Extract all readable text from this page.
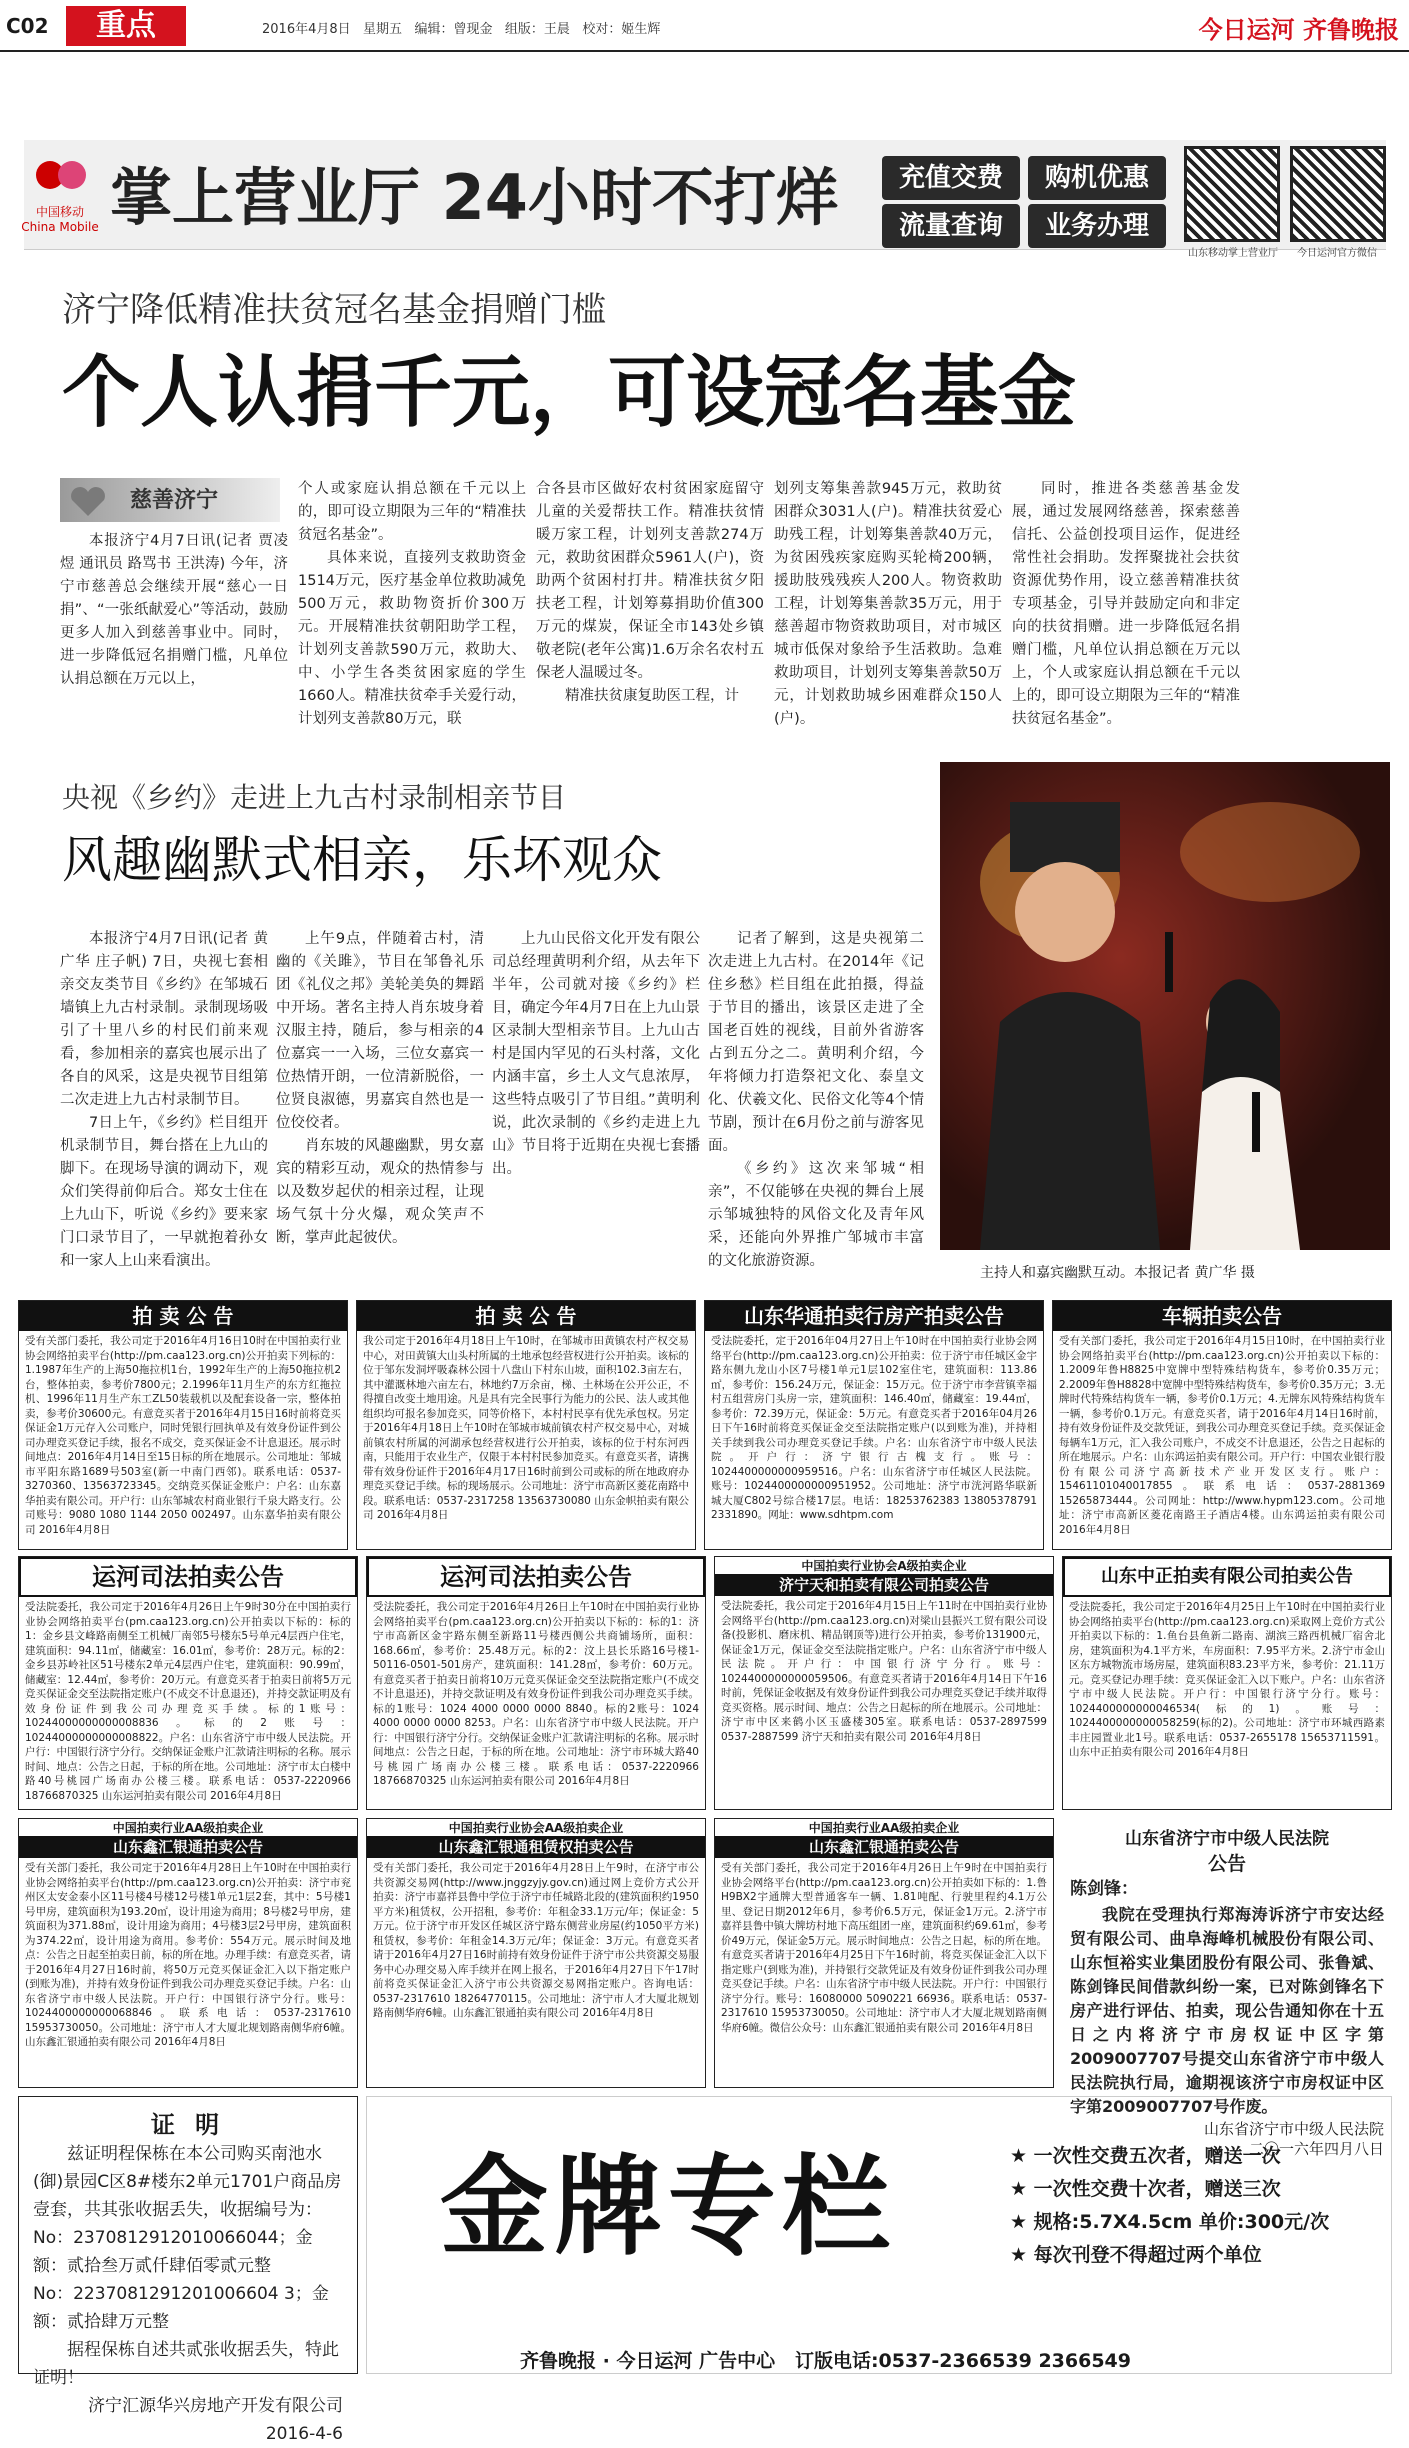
C02	重点	2016年4月8日 星期五 编辑：曾现金 组版：王晨 校对：姬生辉	今日运河 齐鲁晚报
中国移动 China Mobile 掌上营业厅 24小时不打烊	充值交费	购机优惠
流量查询	业务办理
山东移动掌上营业厅	今日运河官方微信
济宁降低精准扶贫冠名基金捐赠门槛
个人认捐千元，可设冠名基金
慈善济宁

本报济宁4月7日讯(记者 贾凌煜 通讯员 路骂书 王洪涛) 今年，济宁市慈善总会继续开展“慈心一日捐”、“一张纸献爱心”等活动，鼓励更多人加入到慈善事业中。同时，进一步降低冠名捐赠门槛，凡单位认捐总额在万元以上，

个人或家庭认捐总额在千元以上的，即可设立期限为三年的“精准扶贫冠名基金”。

具体来说，直接列支救助资金1514万元，医疗基金单位救助减免500万元，救助物资折价300万元。开展精准扶贫朝阳助学工程，计划列支善款590万元，救助大、中、小学生各类贫困家庭的学生1660人。精准扶贫牵手关爱行动，计划列支善款80万元，联

合各县市区做好农村贫困家庭留守儿童的关爱帮扶工作。精准扶贫情暖万家工程，计划列支善款274万元，救助贫困群众5961人(户)，资助两个贫困村打井。精准扶贫夕阳扶老工程，计划筹募捐助价值300万元的煤炭，保证全市143处乡镇敬老院(老年公寓)1.6万余名农村五保老人温暖过冬。

精准扶贫康复助医工程，计

划列支筹集善款945万元，救助贫困群众3031人(户)。精准扶贫爱心助残工程，计划筹集善款40万元，为贫困残疾家庭购买轮椅200辆，援助肢残残疾人200人。物资救助工程，计划筹集善款35万元，用于慈善超市物资救助项目，对市城区城市低保对象给予生活救助。急难救助项目，计划列支筹集善款50万元，计划救助城乡困难群众150人(户)。

同时，推进各类慈善基金发展，通过发展网络慈善，探索慈善信托、公益创投项目运作，促进经常性社会捐助。发挥聚拢社会扶贫资源优势作用，设立慈善精准扶贫专项基金，引导并鼓励定向和非定向的扶贫捐赠。进一步降低冠名捐赠门槛，凡单位认捐总额在万元以上，个人或家庭认捐总额在千元以上的，即可设立期限为三年的“精准扶贫冠名基金”。

央视《乡约》走进上九古村录制相亲节目
风趣幽默式相亲，乐坏观众

本报济宁4月7日讯(记者 黄广华 庄子帆) 7日，央视七套相亲交友类节目《乡约》在邹城石墙镇上九古村录制。录制现场吸引了十里八乡的村民们前来观看，参加相亲的嘉宾也展示出了各自的风采，这是央视节目组第二次走进上九古村录制节目。

7日上午，《乡约》栏目组开机录制节目，舞台搭在上九山的脚下。在现场导演的调动下，观众们笑得前仰后合。郑女士住在上九山下，听说《乡约》要来家门口录节目了，一早就抱着孙女和一家人上山来看演出。

上午9点，伴随着古村，清幽的《关雎》，节目在邹鲁礼乐团《礼仪之邦》美轮美奂的舞蹈中开场。著名主持人肖东坡身着汉服主持，随后，参与相亲的4位嘉宾一一入场，三位女嘉宾一位热情开朗，一位清新脱俗，一位贤良淑德，男嘉宾自然也是一位佼佼者。

肖东坡的风趣幽默，男女嘉宾的精彩互动，观众的热情参与以及数岁起伏的相亲过程，让现场气氛十分火爆，观众笑声不断，掌声此起彼伏。

上九山民俗文化开发有限公司总经理黄明利介绍，从去年下半年，公司就对接《乡约》栏目，确定今年4月7日在上九山景区录制大型相亲节目。上九山古村是国内罕见的石头村落，文化内涵丰富，乡土人文气息浓厚，这些特点吸引了节目组。”黄明利说，此次录制的《乡约走进上九山》节目将于近期在央视七套播出。

记者了解到，这是央视第二次走进上九古村。在2014年《记住乡愁》栏目组在此拍摄，得益于节目的播出，该景区走进了全国老百姓的视线，目前外省游客占到五分之二。黄明利介绍，今年将倾力打造祭祀文化、泰皇文化、伏羲文化、民俗文化等4个情节剧，预计在6月份之前与游客见面。

《乡约》这次来邹城“相亲”，不仅能够在央视的舞台上展示邹城独特的风俗文化及青年风采，还能向外界推广邹城市丰富的文化旅游资源。

主持人和嘉宾幽默互动。本报记者 黄广华 摄
拍 卖 公 告
受有关部门委托，我公司定于2016年4月16日10时在中国拍卖行业协会网络拍卖平台(http://pm.caa123.org.cn)公开拍卖下列标的：1.1987年生产的上海50拖拉机1台，1992年生产的上海50拖拉机2台，整体拍卖，参考价7800元；2.1996年11月生产的东方红拖拉机、1996年11月生产东工ZL50装载机以及配套设备一宗，整体拍卖，参考价30600元。有意竞买者于2016年4月15日16时前将竞买保证金1万元存入公司账户，同时凭银行回执单及有效身份证件到公司办理竞买登记手续，报名不成交，竞买保证金不计息退还。展示时间地点：2016年4月14日至15日标的所在地展示。公司地址：邹城市平阳东路1689号503室(新一中南门西邻)。联系电话：0537-3270360、13563723345。交纳竞买保证金账户：户名：山东嘉华拍卖有限公司。开户行：山东邹城农村商业银行千泉大路支行。公司账号：9080 1080 1144 2050 002497。山东嘉华拍卖有限公司 2016年4月8日
拍 卖 公 告
我公司定于2016年4月18日上午10时，在邹城市田黄镇农村产权交易中心，对田黄镇大山头村所属的土地承包经营权进行公开拍卖。该标的位于邹东发洞坪吸森林公园十八盘山下村东山坡，面积102.3亩左右，其中灌溉林地六亩左右，林地约7万余亩，梯、土林场在公开公正，不得擅自改变土地用途。凡是具有完全民事行为能力的公民、法人或其他组织均可报名参加竞买，同等价格下，本村村民享有优先承包权。另定于2016年4月18日上午10时在邹城市城前镇农村产权交易中心，对城前镇农村所属的河湖承包经营权进行公开拍卖，该标的位于村东河西南，只能用于农业生产，仅限于本村村民参加竞买。有意竞买者，请携带有效身份证件于2016年4月17日16时前到公司或标的所在地政府办理竞买登记手续。标的现场展示。公司地址：济宁市高新区菱花南路中段。联系电话：0537-2317258 13563730080 山东金帜拍卖有限公司 2016年4月8日
山东华通拍卖行房产拍卖公告
受法院委托，定于2016年04月27日上午10时在中国拍卖行业协会网络平台(http://pm.caa123.org.cn)公开拍卖：位于济宁市任城区金宇路东侧九龙山小区7号楼1单元1层102室住宅，建筑面积：113.86㎡，参考价：156.24万元，保证金：15万元。位于济宁市李营镇幸福村五组营房门头房一宗，建筑面积：146.40㎡，储藏室：19.44㎡，参考价：72.39万元，保证金：5万元。有意竞买者于2016年04月26日下午16时前将竞买保证金交至法院指定账户(以到账为准)，并持相关手续到我公司办理竞买登记手续。户名：山东省济宁市中级人民法院。开户行：济宁银行古槐支行。账号：1024400000000959516。户名：山东省济宁市任城区人民法院。账号：1024400000000951952。公司地址：济宁市洸河路华联新城大厦C802号综合楼17层。电话：18253762383 13805378791 2331890。网址：www.sdhtpm.com
车辆拍卖公告
受有关部门委托，我公司定于2016年4月15日10时，在中国拍卖行业协会网络拍卖平台(http://pm.caa123.org.cn)公开拍卖以下标的：1.2009年鲁H8825中宽牌中型特殊结构货车，参考价0.35万元；2.2009年鲁H8828中宽牌中型特殊结构货车，参考价0.35万元；3.无牌时代特殊结构货车一辆，参考价0.1万元；4.无牌东风特殊结构货车一辆，参考价0.1万元。有意竞买者，请于2016年4月14日16时前，持有效身份证件及交款凭证，到我公司办理竞买登记手续。竞买保证金每辆车1万元，汇入我公司账户，不成交不计息退还，公告之日起标的所在地展示。户名：山东鸿运拍卖有限公司。开户行：中国农业银行股份有限公司济宁高新技术产业开发区支行。账户：15461101040017855。联系电话：0537-2881369 15265873444。公司网址：http://www.hypm123.com。公司地址：济宁市高新区菱花南路王子酒店4楼。山东鸿运拍卖有限公司 2016年4月8日
运河司法拍卖公告
受法院委托，我公司定于2016年4月26日上午9时30分在中国拍卖行业协会网络拍卖平台(pm.caa123.org.cn)公开拍卖以下标的：标的1：金乡县文峰路南侧至工机械厂南邻5号楼东5号单元4层西户住宅，建筑面积：94.11㎡，储藏室：16.01㎡，参考价：28万元。标的2：金乡县苏岭社区51号楼东2单元4层西户住宅，建筑面积：90.99㎡，储藏室：12.44㎡，参考价：20万元。有意竞买者于拍卖日前将5万元竞买保证金交至法院指定账户(不成交不计息退还)，并持交款证明及有效身份证件到我公司办理竞买手续。标的1账号：10244000000000008836。标的2账号：10244000000000008822。户名：山东省济宁市中级人民法院。开户行：中国银行济宁分行。交纳保证金账户汇款请注明标的名称。展示时间、地点：公告之日起，于标的所在地。公司地址：济宁市太白楼中路40号桃园广场南办公楼三楼。联系电话：0537-2220966 18766870325 山东运河拍卖有限公司 2016年4月8日
运河司法拍卖公告
受法院委托，我公司定于2016年4月26日上午10时在中国拍卖行业协会网络拍卖平台(pm.caa123.org.cn)公开拍卖以下标的：标的1：济宁市高新区金宇路东侧至新路11号楼西侧公共商铺场所，面积：168.66㎡，参考价：25.48万元。标的2：汶上县长乐路16号楼1-50116-0501-501房产，建筑面积：141.28㎡，参考价：60万元。有意竞买者于拍卖日前将10万元竞买保证金交至法院指定账户(不成交不计息退还)，并持交款证明及有效身份证件到我公司办理竞买手续。标的1账号：1024 4000 0000 0000 8840。标的2账号：1024 4000 0000 0000 8253。户名：山东省济宁市中级人民法院。开户行：中国银行济宁分行。交纳保证金账户汇款请注明标的名称。展示时间地点：公告之日起，于标的所在地。公司地址：济宁市环城大路40号桃园广场南办公楼三楼。联系电话：0537-2220966 18766870325 山东运河拍卖有限公司 2016年4月8日
中国拍卖行业协会A级拍卖企业
济宁天和拍卖有限公司拍卖公告
受法院委托，我公司定于2016年4月15日上午11时在中国拍卖行业协会网络平台(http://pm.caa123.org.cn)对梁山县振兴工贸有限公司设备(投影机、磨床机、精品钢顶等)进行公开拍卖，参考价131900元，保证金1万元，保证金交至法院指定账户。户名：山东省济宁市中级人民法院。开户行：中国银行济宁分行。账号：1024400000000059506。有意竞买者请于2016年4月14日下午16时前，凭保证金收据及有效身份证件到我公司办理竞买登记手续并取得竞买资格。展示时间、地点：公告之日起标的所在地展示。公司地址：济宁市中区来鹤小区玉盛楼305室。联系电话：0537-2897599 0537-2887599 济宁天和拍卖有限公司 2016年4月8日
山东中正拍卖有限公司拍卖公告
受法院委托，我公司定于2016年4月25日上午10时在中国拍卖行业协会网络拍卖平台(http://pm.caa123.org.cn)采取网上竞价方式公开拍卖以下标的：1.鱼台县鱼新二路南、湖滨三路西机械厂宿舍北房，建筑面积为4.1平方米，车房面积：7.95平方米。2.济宁市金山区东方城物流市场房屋，建筑面积83.23平方米，参考价：21.11万元。竞买登记办理手续：竞买保证金汇入以下账户。户名：山东省济宁市中级人民法院。开户行：中国银行济宁分行。账号：1024400000000046534(标的1)。账号：1024400000000058259(标的2)。公司地址：济宁市环城西路素丰庄园置业北1号。联系电话：0537-2655178 15653711591。山东中正拍卖有限公司 2016年4月8日
中国拍卖行业AA级拍卖企业
山东鑫汇银通拍卖公告
受有关部门委托，我公司定于2016年4月28日上午10时在中国拍卖行业协会网络拍卖平台(http://pm.caa123.org.cn)公开拍卖：济宁市兖州区太安金泰小区11号楼4号楼12号楼1单元1层2套，其中：5号楼1号甲房，建筑面积为193.20㎡，设计用途为商用；8号楼2号甲房，建筑面积为371.88㎡，设计用途为商用；4号楼3层2号甲房，建筑面积为374.22㎡，设计用途为商用。参考价：554万元。展示时间及地点：公告之日起至拍卖日前，标的所在地。办理手续：有意竞买者，请于2016年4月27日16时前，将50万元竞买保证金汇入以下指定账户(到账为准)，并持有效身份证件到我公司办理竞买登记手续。户名：山东省济宁市中级人民法院。开户行：中国银行济宁分行。账号：1024400000000068846。联系电话：0537-2317610 15953730050。公司地址：济宁市人才大厦北规划路南侧华府6幢。山东鑫汇银通拍卖有限公司 2016年4月8日
中国拍卖行业协会AA级拍卖企业
山东鑫汇银通租赁权拍卖公告
受有关部门委托，我公司定于2016年4月28日上午9时，在济宁市公共资源交易网(http://www.jnggzyjy.gov.cn)通过网上竞价方式公开拍卖：济宁市嘉祥县鲁中学位于济宁市任城路北段的(建筑面积约1950平方米)租赁权，公开招租，参考价：年租金33.1万元/年；保证金：5万元。位于济宁市开发区任城区济宁路东侧营业房屋(约1050平方米)租赁权，参考价：年租金14.3万元/年；保证金：3万元。有意竞买者请于2016年4月27日16时前持有效身份证件于济宁市公共资源交易服务中心办理交易入库手续并在网上报名，于2016年4月27日下午17时前将竞买保证金汇入济宁市公共资源交易网指定账户。咨询电话：0537-2317610 18264770115。公司地址：济宁市人才大厦北规划路南侧华府6幢。山东鑫汇银通拍卖有限公司 2016年4月8日
中国拍卖行业AA级拍卖企业
山东鑫汇银通拍卖公告
受有关部门委托，我公司定于2016年4月26日上午9时在中国拍卖行业协会网络平台(http://pm.caa123.org.cn)公开拍卖如下标的：1.鲁H9BX2宇通牌大型普通客车一辆、1.81吨配、行驶里程约4.1万公里、登记日期2012年6月，参考价6.5万元，保证金1万元。2.济宁市嘉祥县鲁中镇大牌坊村地下高压组团一座，建筑面积约69.61㎡，参考价49万元，保证金5万元。展示时间地点：公告之日起，标的所在地。有意竞买者请于2016年4月25日下午16时前，将竞买保证金汇入以下指定账户(到账为准)，并持银行交款凭证及有效身份证件到我公司办理竞买登记手续。户名：山东省济宁市中级人民法院。开户行：中国银行济宁分行。账号：16080000 5090221 66936。联系电话：0537-2317610 15953730050。公司地址：济宁市人才大厦北规划路南侧华府6幢。微信公众号：山东鑫汇银通拍卖有限公司 2016年4月8日
山东省济宁市中级人民法院
公告
陈剑锋：
我院在受理执行郑海涛诉济宁市安达经贸有限公司、曲阜海峰机械股份有限公司、山东恒裕实业集团股份有限公司、张鲁斌、陈剑锋民间借款纠纷一案，已对陈剑锋名下房产进行评估、拍卖，现公告通知你在十五日之内将济宁市房权证中区字第2009007707号提交山东省济宁市中级人民法院执行局，逾期视该济宁市房权证中区字第2009007707号作废。
山东省济宁市中级人民法院
二〇一六年四月八日
证 明
兹证明程保栋在本公司购买南池水(御)景园C区8#楼东2单元1701户商品房壹套，共其张收据丢失，收据编号为：
No：2370812912010066044；金额：贰拾叁万贰仟肆佰零贰元整
No：2237081291201006604 3；金额：贰拾肆万元整
据程保栋自述共贰张收据丢失，特此证明！
济宁汇源华兴房地产开发有限公司
2016-4-6
金牌专栏	★ 一次性交费五次者，赠送一次
★ 一次性交费十次者，赠送三次
★ 规格:5.7X4.5cm 单价:300元/次
★ 每次刊登不得超过两个单位
齐鲁晚报 · 今日运河 广告中心 订版电话:0537-2366539 2366549
